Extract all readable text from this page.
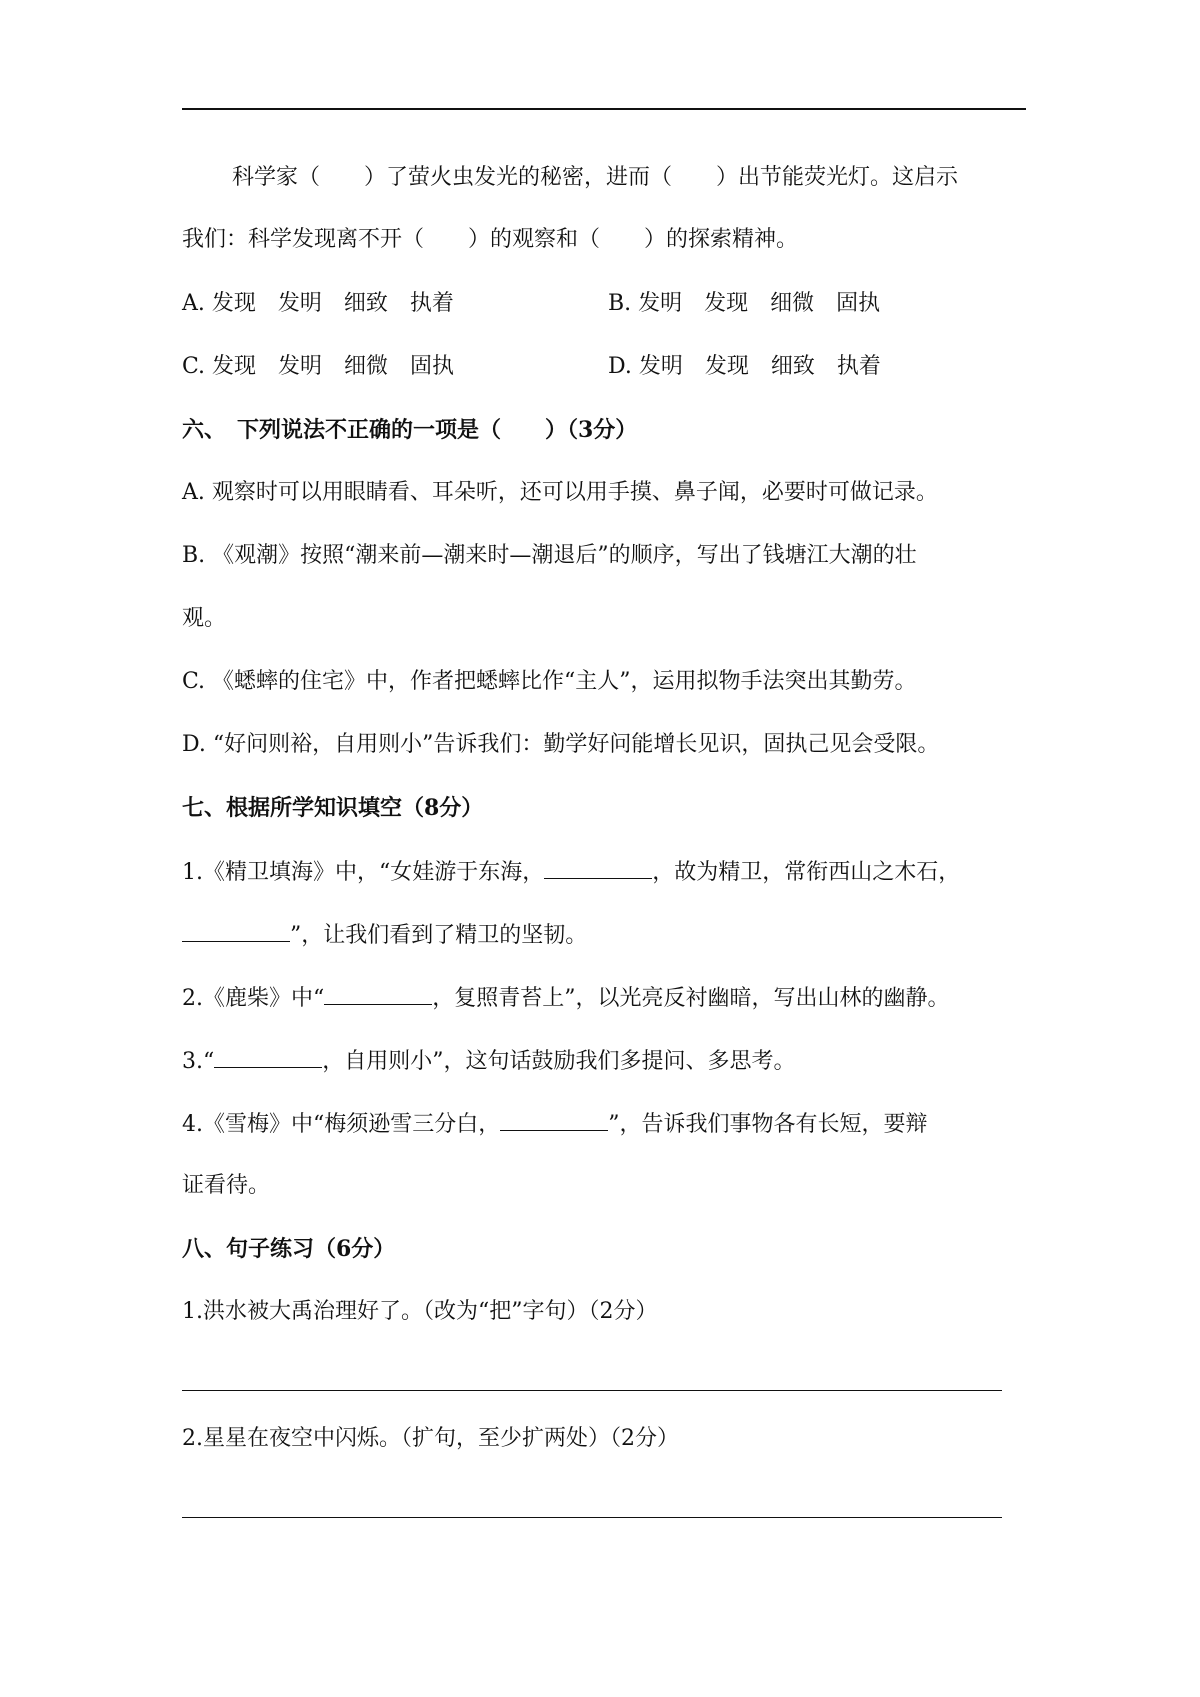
科学家（　　）了萤火虫发光的秘密，进而（　　）出节能荧光灯。这启示
我们：科学发现离不开（　　）的观察和（　　）的探索精神。
A. 发现　发明　细致　执着	B. 发明　发现　细微　固执
C. 发现　发明　细微　固执	D. 发明　发现　细致　执着
六、　下列说法不正确的一项是（　　）（3分）
A. 观察时可以用眼睛看、耳朵听，还可以用手摸、鼻子闻，必要时可做记录。
B. 《观潮》按照“潮来前—潮来时—潮退后”的顺序，写出了钱塘江大潮的壮
观。
C. 《蟋蟀的住宅》中，作者把蟋蟀比作“主人”，运用拟物手法突出其勤劳。
D. “好问则裕，自用则小”告诉我们：勤学好问能增长见识，固执己见会受限。
七、根据所学知识填空（8分）
1.《精卫填海》中，“女娃游于东海，	，故为精卫，常衔西山之木石，
”，让我们看到了精卫的坚韧。
2.《鹿柴》中“	，复照青苔上”，以光亮反衬幽暗，写出山林的幽静。
3.“	，自用则小”，这句话鼓励我们多提问、多思考。
4.《雪梅》中“梅须逊雪三分白，	”，告诉我们事物各有长短，要辩
证看待。
八、句子练习（6分）
1.洪水被大禹治理好了。（改为“把”字句）（2分）
2.星星在夜空中闪烁。（扩句，至少扩两处）（2分）
